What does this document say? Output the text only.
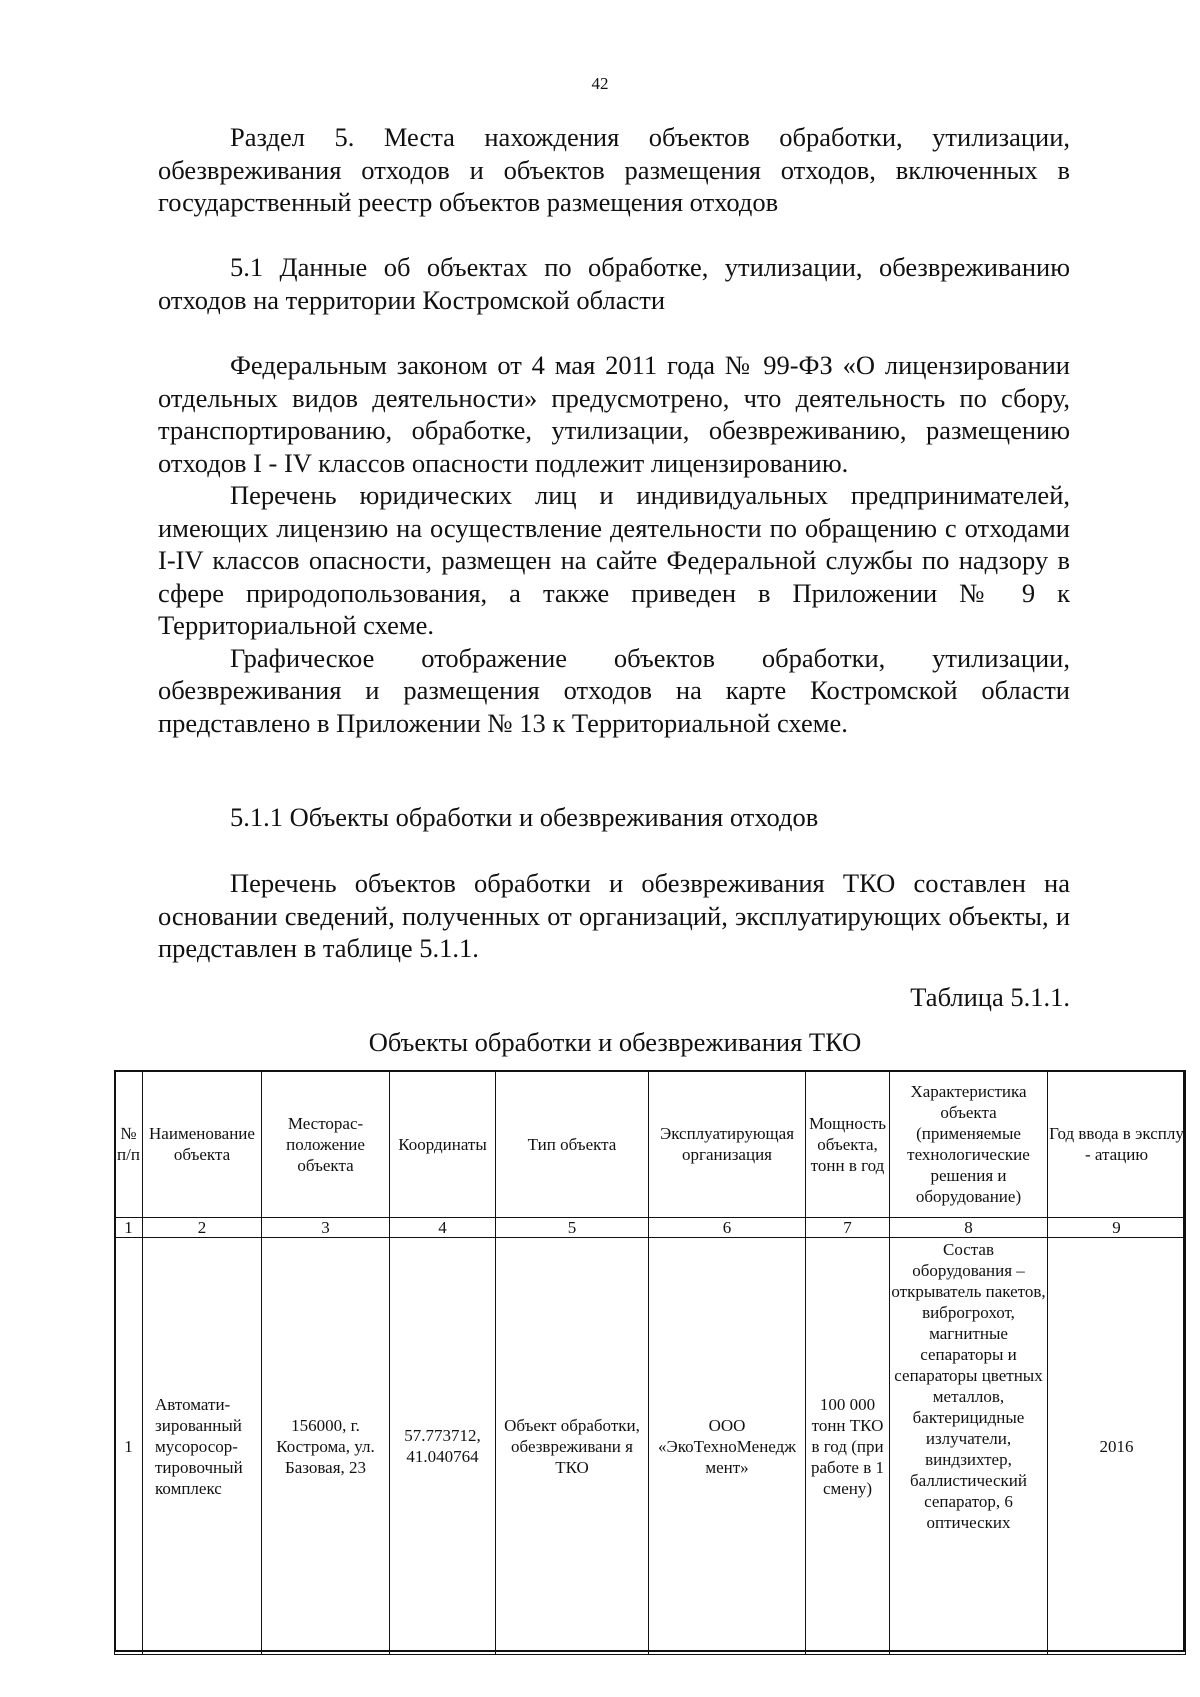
42
Раздел 5. Места нахождения объектов обработки, утилизации, обезвреживания отходов и объектов размещения отходов, включенных в государственный реестр объектов размещения отходов
5.1 Данные об объектах по обработке, утилизации, обезвреживанию отходов на территории Костромской области

Федеральным законом от 4 мая 2011 года № 99-ФЗ «О лицензировании отдельных видов деятельности» предусмотрено, что деятельность по сбору, транспортированию, обработке, утилизации, обезвреживанию, размещению отходов I - IV классов опасности подлежит лицензированию.

Перечень юридических лиц и индивидуальных предпринимателей, имеющих лицензию на осуществление деятельности по обращению с отходами I-IV классов опасности, размещен на сайте Федеральной службы по надзору в сфере природопользования, а также приведен в Приложении № 9 к Территориальной схеме.

Графическое отображение объектов обработки, утилизации, обезвреживания и размещения отходов на карте Костромской области представлено в Приложении № 13 к Территориальной схеме.

5.1.1 Объекты обработки и обезвреживания отходов
Перечень объектов обработки и обезвреживания ТКО составлен на основании сведений, полученных от организаций, эксплуатирующих объекты, и представлен в таблице 5.1.1.
Таблица 5.1.1.
Объекты обработки и обезвреживания ТКО
№ п/п	Наименование объекта	Месторас-положение объекта	Координаты	Тип объекта	Эксплуатирующая организация	Мощность объекта, тонн в год	Характеристика объекта (применяемые технологические решения и оборудование)	Год ввода в эксплу - атацию
1	2	3	4	5	6	7	8	9
1	Автомати-зированный мусоросор-тировочный комплекс	156000, г. Кострома, ул. Базовая, 23	57.773712, 41.040764	Объект обработки, обезвреживани я ТКО	ООО «ЭкоТехноМенедж мент»	100 000 тонн ТКО в год (при работе в 1 смену)	Состав оборудования – открыватель пакетов, виброгрохот, магнитные сепараторы и сепараторы цветных металлов, бактерицидные излучатели, виндзихтер, баллистический сепаратор, 6 оптических	2016
